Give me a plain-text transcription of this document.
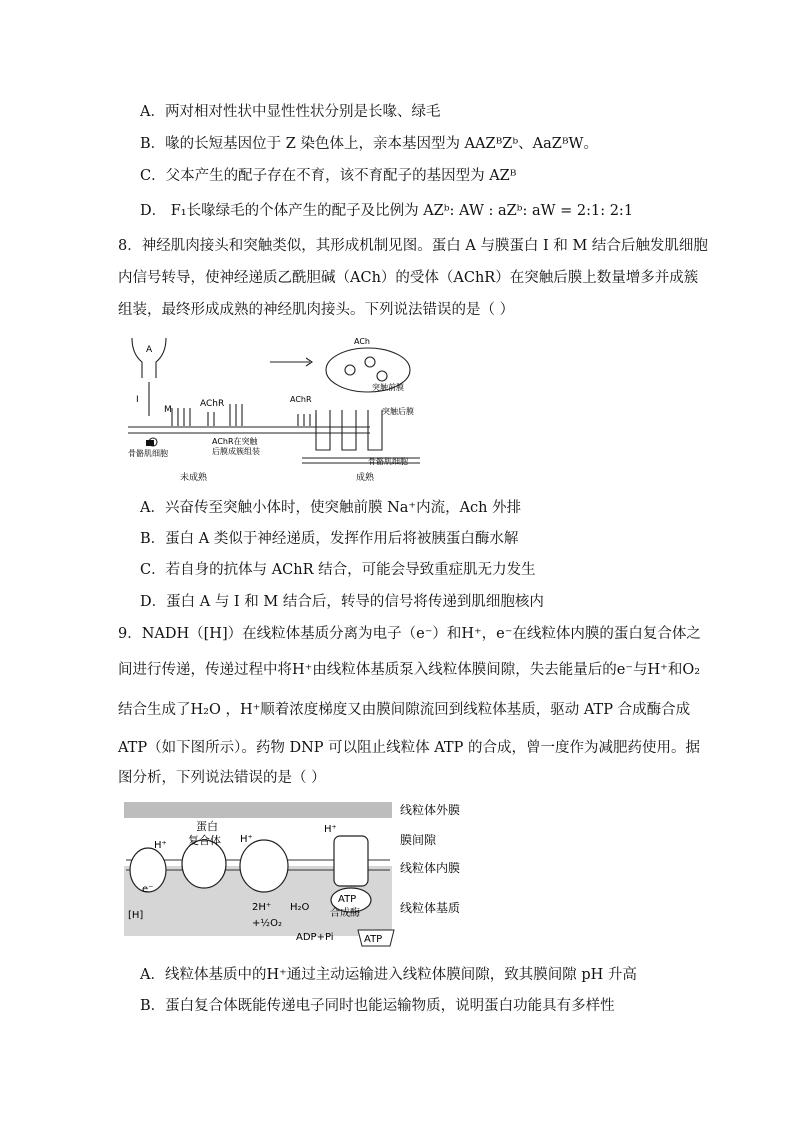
A．两对相对性状中显性性状分别是长喙、绿毛
B．喙的长短基因位于 Z 染色体上，亲本基因型为 AAZᴮZᵇ、AaZᴮW。
C．父本产生的配子存在不育，该不育配子的基因型为 AZᴮ
D． F₁长喙绿毛的个体产生的配子及比例为 AZᵇ: AW : aZᵇ: aW = 2:1: 2:1
8．神经肌肉接头和突触类似，其形成机制见图。蛋白 A 与膜蛋白 I 和 M 结合后触发肌细胞
内信号转导，使神经递质乙酰胆碱（ACh）的受体（AChR）在突触后膜上数量增多并成簇
组装，最终形成成熟的神经肌肉接头。下列说法错误的是（ ）
A
I
M
AChR
AChR在突触
后膜成簇组装
骨骼肌细胞
未成熟
ACh
突触前膜
AChR
突触后膜
骨骼肌细胞
成熟
A．兴奋传至突触小体时，使突触前膜 Na⁺内流，Ach 外排
B．蛋白 A 类似于神经递质，发挥作用后将被胰蛋白酶水解
C．若自身的抗体与 AChR 结合，可能会导致重症肌无力发生
D．蛋白 A 与 I 和 M 结合后，转导的信号将传递到肌细胞核内
9．NADH（[H]）在线粒体基质分离为电子（e⁻）和H⁺，e⁻在线粒体内膜的蛋白复合体之
间进行传递，传递过程中将H⁺由线粒体基质泵入线粒体膜间隙，失去能量后的e⁻与H⁺和O₂
结合生成了H₂O ，H⁺顺着浓度梯度又由膜间隙流回到线粒体基质，驱动 ATP 合成酶合成
ATP（如下图所示）。药物 DNP 可以阻止线粒体 ATP 的合成，曾一度作为减肥药使用。据
图分析，下列说法错误的是（ ）
蛋白
复合体
H⁺
H⁺
H⁺
e⁻
[H]
2H⁺
+½O₂
H₂O
ATP
合成酶
ADP+Pi	ATP
线粒体外膜
膜间隙
线粒体内膜
线粒体基质
A．线粒体基质中的H⁺通过主动运输进入线粒体膜间隙，致其膜间隙 pH 升高
B．蛋白复合体既能传递电子同时也能运输物质，说明蛋白功能具有多样性
